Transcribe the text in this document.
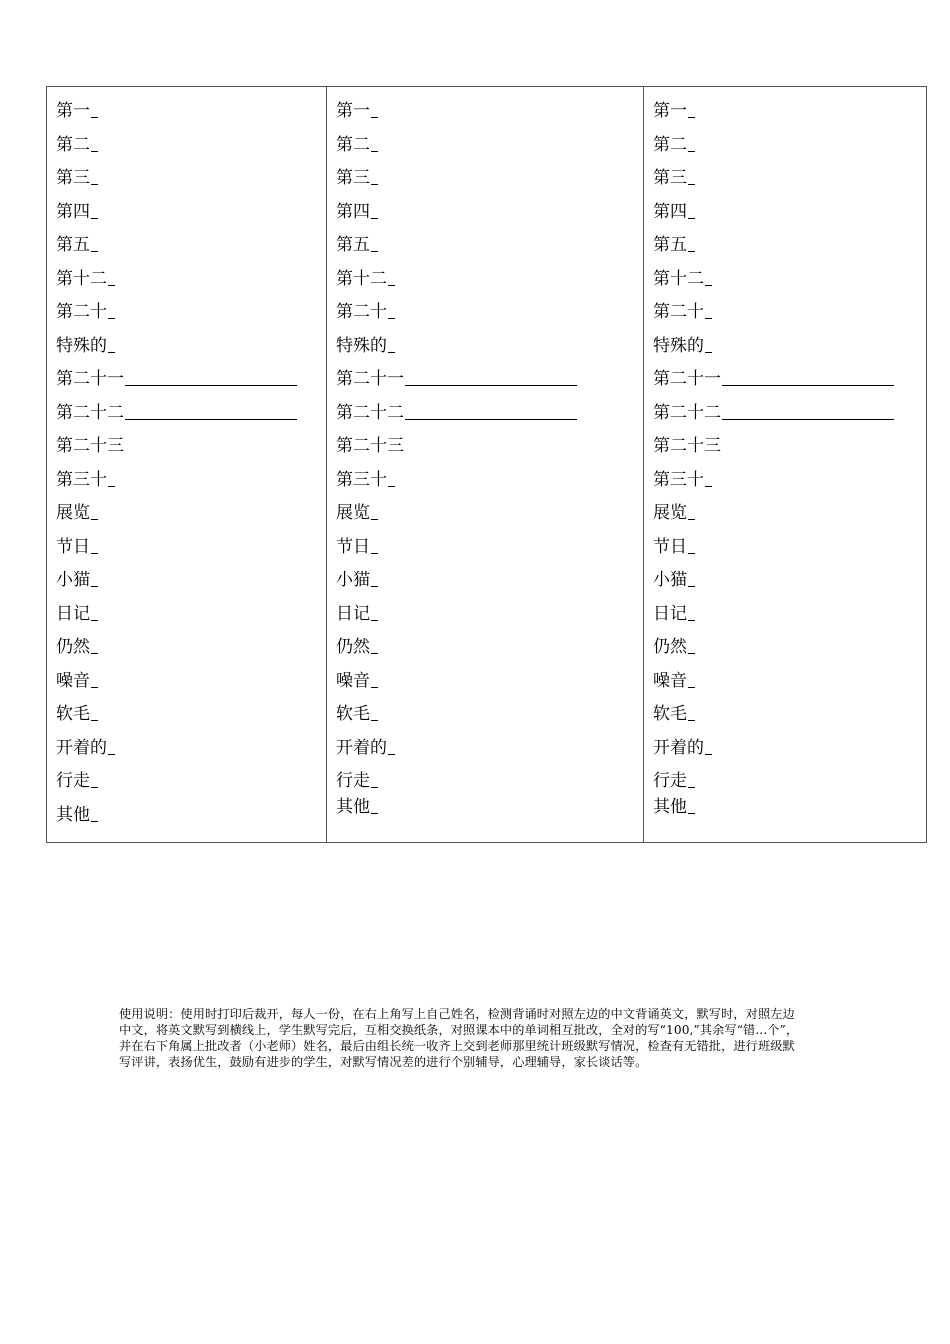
第一
第二
第三
第四
第五
第十二
第二十
特殊的
第二十一
第二十二
第二十三
第三十
展览
节日
小猫
日记
仍然
噪音
软毛
开着的
行走
其他
第一
第二
第三
第四
第五
第十二
第二十
特殊的
第二十一
第二十二
第二十三
第三十
展览
节日
小猫
日记
仍然
噪音
软毛
开着的
行走
其他
第一
第二
第三
第四
第五
第十二
第二十
特殊的
第二十一
第二十二
第二十三
第三十
展览
节日
小猫
日记
仍然
噪音
软毛
开着的
行走
其他
使用说明：使用时打印后裁开，每人一份，在右上角写上自己姓名，检测背诵时对照左边的中文背诵英文，默写时，对照左边中文，将英文默写到横线上，学生默写完后，互相交换纸条，对照课本中的单词相互批改，全对的写“100,”其余写“错...个”，并在右下角属上批改者（小老师）姓名，最后由组长统一收齐上交到老师那里统计班级默写情况，检查有无错批，进行班级默写评讲，表扬优生，鼓励有进步的学生，对默写情况差的进行个别辅导，心理辅导，家长谈话等。
